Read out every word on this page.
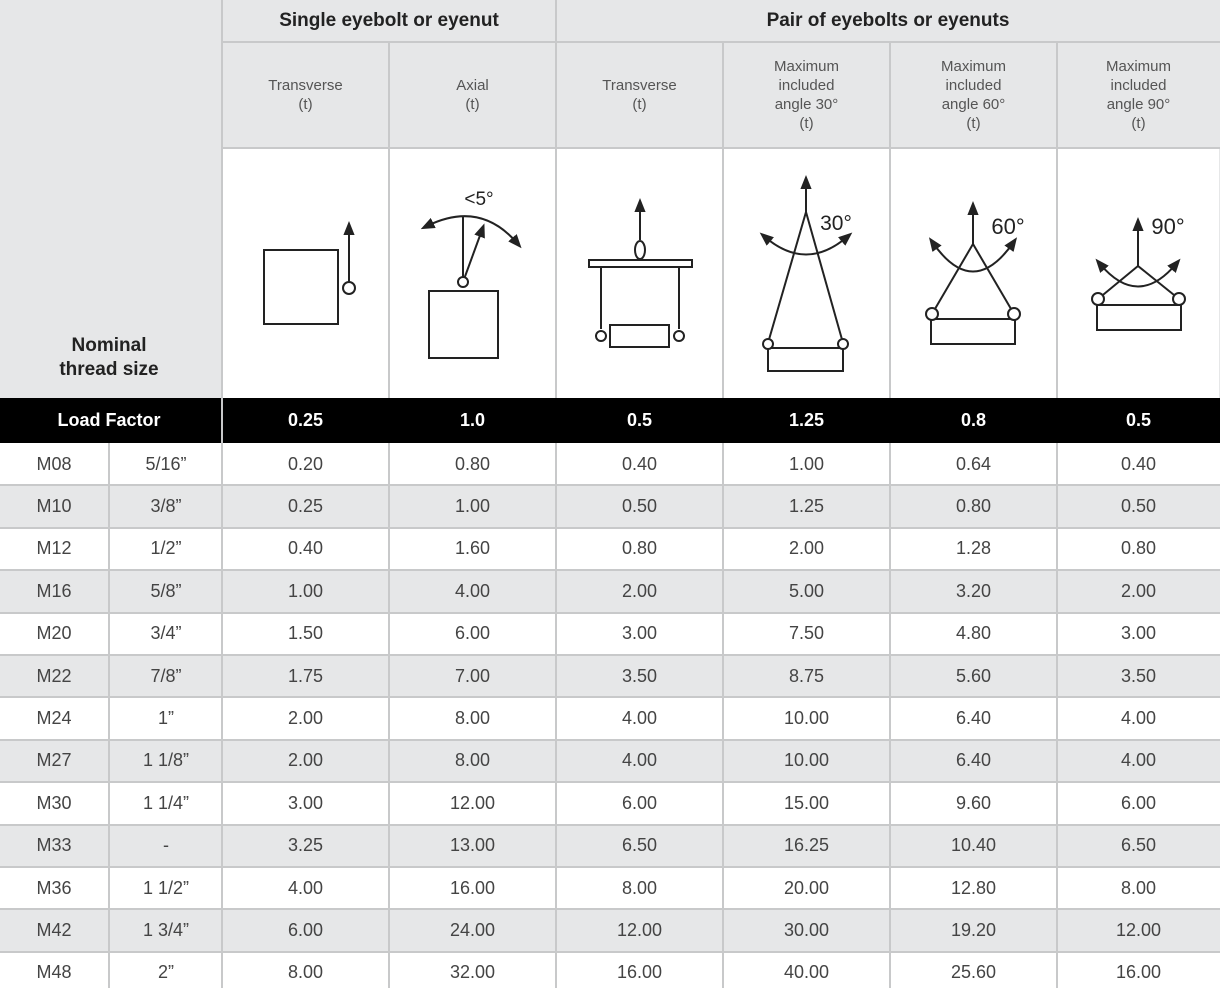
Single eyebolt or eyenut	Pair of eyebolts or eyenuts
Nominal
thread size
Load Factor
Transverse
(t)
Axial
(t)
Transverse
(t)
Maximum
included
angle 30°
(t)
Maximum
included
angle 60°
(t)
Maximum
included
angle 90°
(t)
0.25	1.0	0.5	1.25	0.8	0.5
M08	5/16”	0.20	0.80	0.40	1.00	0.64	0.40
M10	3/8”	0.25	1.00	0.50	1.25	0.80	0.50
M12	1/2”	0.40	1.60	0.80	2.00	1.28	0.80
M16	5/8”	1.00	4.00	2.00	5.00	3.20	2.00
M20	3/4”	1.50	6.00	3.00	7.50	4.80	3.00
M22	7/8”	1.75	7.00	3.50	8.75	5.60	3.50
M24	1”	2.00	8.00	4.00	10.00	6.40	4.00
M27	1 1/8”	2.00	8.00	4.00	10.00	6.40	4.00
M30	1 1/4”	3.00	12.00	6.00	15.00	9.60	6.00
M33	-	3.25	13.00	6.50	16.25	10.40	6.50
M36	1 1/2”	4.00	16.00	8.00	20.00	12.80	8.00
M42	1 3/4”	6.00	24.00	12.00	30.00	19.20	12.00
M48	2”	8.00	32.00	16.00	40.00	25.60	16.00
<5°
30°	60°	90°
